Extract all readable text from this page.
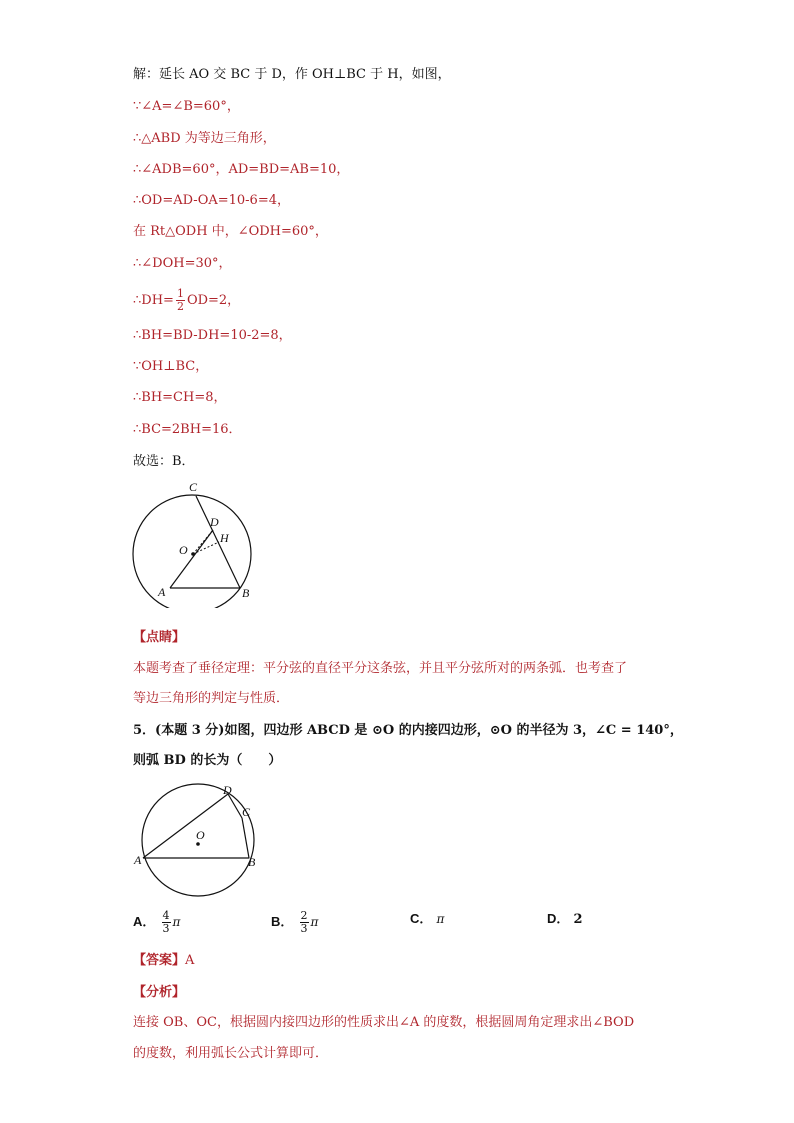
解：延长 AO 交 BC 于 D，作 OH⊥BC 于 H，如图，
∵∠A=∠B=60°，
∴△ABD 为等边三角形，
∴∠ADB=60°，AD=BD=AB=10，
∴OD=AD-OA=10-6=4，
在 Rt△ODH 中，∠ODH=60°，
∴∠DOH=30°，
∴DH= $\frac{1}{2} OD=2$，
∴BH=BD-DH=10-2=8，
∵OH⊥BC，
∴BH=CH=8，
∴BC=2BH=16．
故选：B．
C
D
O
H
A	B
【点睛】
本题考查了垂径定理：平分弦的直径平分这条弦，并且平分弦所对的两条弧．也考查了
等边三角形的判定与性质．
5．(本题 3 分)如图，四边形 ABCD 是 ⊙O 的内接四边形，⊙O 的半径为 3，∠C = 140°，
则弧 BD 的长为（　　）
D
C
O
A	B
A． $\frac{4}{3}$ π	B． $\frac{2}{3}$ π	C． π	D． 2
【答案】A
【分析】
连接 OB、OC，根据圆内接四边形的性质求出∠A 的度数，根据圆周角定理求出∠BOD
的度数，利用弧长公式计算即可．
